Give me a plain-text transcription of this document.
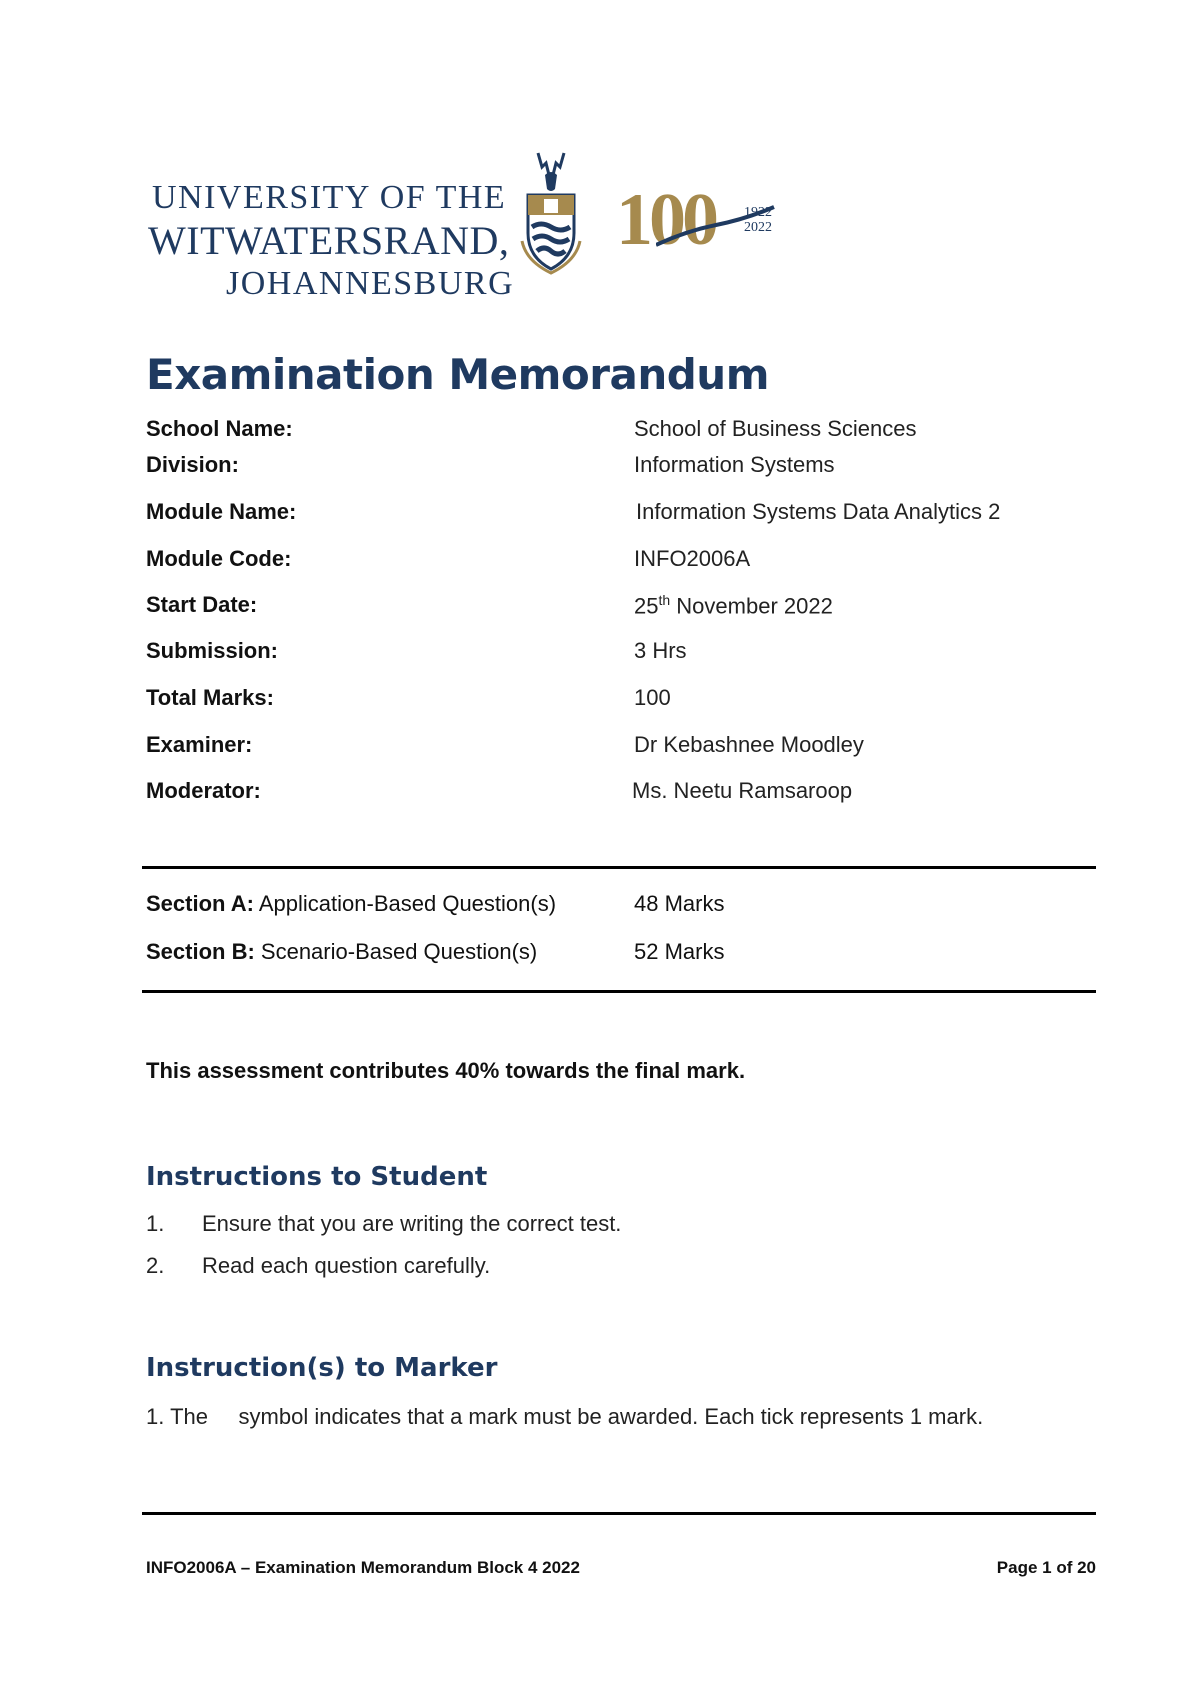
UNIVERSITY OF THE
WITWATERSRAND,
JOHANNESBURG
100 1922
2022
Examination Memorandum
School Name:	School of Business Sciences
Division:	Information Systems
Module Name:	Information Systems Data Analytics 2
Module Code:	INFO2006A
Start Date:	25th November 2022
Submission:	3 Hrs
Total Marks:	100
Examiner:	Dr Kebashnee Moodley
Moderator:	Ms. Neetu Ramsaroop
Section A: Application-Based Question(s)	48 Marks
Section B: Scenario-Based Question(s)	52 Marks
This assessment contributes 40% towards the final mark.
Instructions to Student
1. Ensure that you are writing the correct test.
2. Read each question carefully.
Instruction(s) to Marker
1. The     symbol indicates that a mark must be awarded. Each tick represents 1 mark.
INFO2006A – Examination Memorandum Block 4 2022	Page 1 of 20
